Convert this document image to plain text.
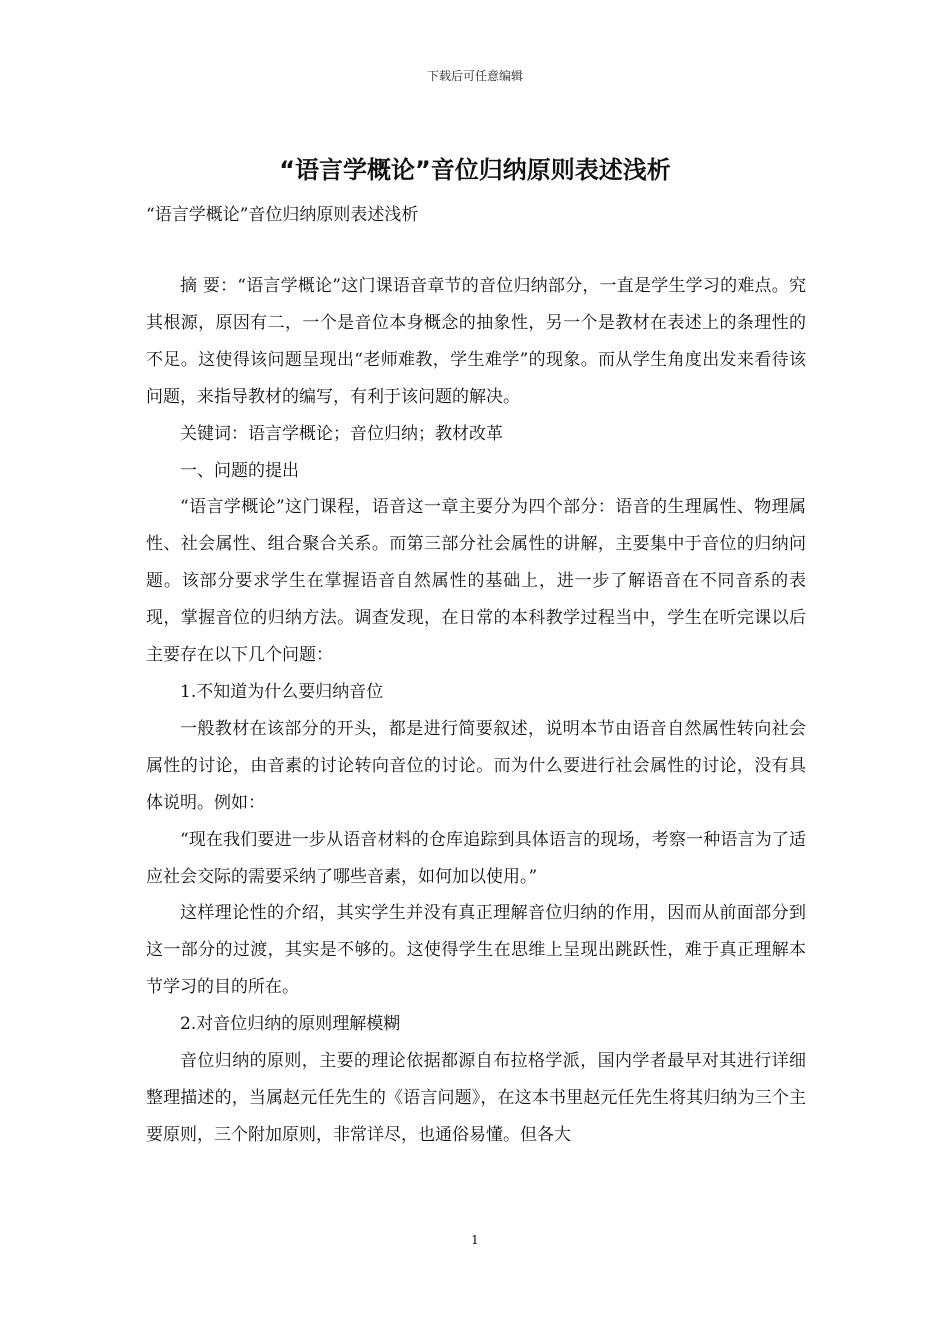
下载后可任意编辑
“语言学概论”音位归纳原则表述浅析

“语言学概论”音位归纳原则表述浅析

摘 要：“语言学概论”这门课语音章节的音位归纳部分，一直是学生学习的难点。究其根源，原因有二，一个是音位本身概念的抽象性，另一个是教材在表述上的条理性的不足。这使得该问题呈现出“老师难教，学生难学”的现象。而从学生角度出发来看待该问题，来指导教材的编写，有利于该问题的解决。

关键词：语言学概论；音位归纳；教材改革

一、问题的提出

“语言学概论”这门课程，语音这一章主要分为四个部分：语音的生理属性、物理属性、社会属性、组合聚合关系。而第三部分社会属性的讲解，主要集中于音位的归纳问题。该部分要求学生在掌握语音自然属性的基础上，进一步了解语音在不同音系的表现，掌握音位的归纳方法。调查发现，在日常的本科教学过程当中，学生在听完课以后主要存在以下几个问题：

1.不知道为什么要归纳音位

一般教材在该部分的开头，都是进行简要叙述，说明本节由语音自然属性转向社会属性的讨论，由音素的讨论转向音位的讨论。而为什么要进行社会属性的讨论，没有具体说明。例如：

“现在我们要进一步从语音材料的仓库追踪到具体语言的现场，考察一种语言为了适应社会交际的需要采纳了哪些音素，如何加以使用。”

这样理论性的介绍，其实学生并没有真正理解音位归纳的作用，因而从前面部分到这一部分的过渡，其实是不够的。这使得学生在思维上呈现出跳跃性，难于真正理解本节学习的目的所在。

2.对音位归纳的原则理解模糊

音位归纳的原则，主要的理论依据都源自布拉格学派，国内学者最早对其进行详细整理描述的，当属赵元任先生的《语言问题》，在这本书里赵元任先生将其归纳为三个主要原则，三个附加原则，非常详尽，也通俗易懂。但各大

1
